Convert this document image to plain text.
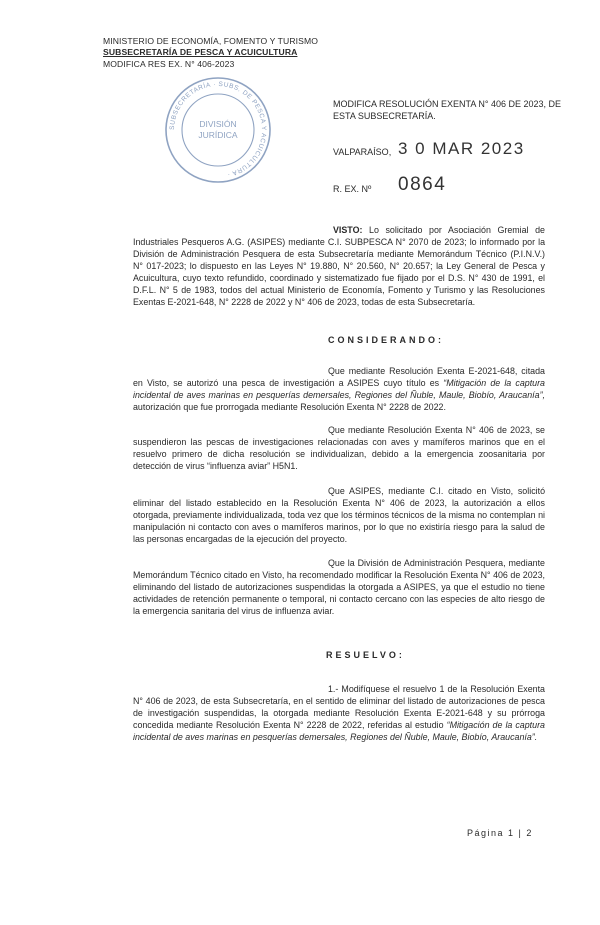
MINISTERIO DE ECONOMÍA, FOMENTO Y TURISMO
SUBSECRETARÍA DE PESCA Y ACUICULTURA
MODIFICA RES EX. N° 406-2023
SUBSECRETARÍA · SUBS. DE PESCA Y ACUICULTURA ·
DIVISIÓN
JURÍDICA
MODIFICA RESOLUCIÓN EXENTA N° 406 DE 2023, DE ESTA SUBSECRETARÍA.
VALPARAÍSO, 3 0 MAR 2023
R. EX. Nº 0864
VISTO: Lo solicitado por Asociación Gremial de Industriales Pesqueros A.G. (ASIPES) mediante C.I. SUBPESCA N° 2070 de 2023; lo informado por la División de Administración Pesquera de esta Subsecretaría mediante Memorándum Técnico (P.I.N.V.) N° 017-2023; lo dispuesto en las Leyes N° 19.880, N° 20.560, N° 20.657; la Ley General de Pesca y Acuicultura, cuyo texto refundido, coordinado y sistematizado fue fijado por el D.S. N° 430 de 1991, el D.F.L. N° 5 de 1983, todos del actual Ministerio de Economía, Fomento y Turismo y las Resoluciones Exentas E-2021-648, N° 2228 de 2022 y N° 406 de 2023, todas de esta Subsecretaría.
CONSIDERANDO:
Que mediante Resolución Exenta E-2021-648, citada en Visto, se autorizó una pesca de investigación a ASIPES cuyo título es “Mitigación de la captura incidental de aves marinas en pesquerías demersales, Regiones del Ñuble, Maule, Biobío, Araucanía”, autorización que fue prorrogada mediante Resolución Exenta N° 2228 de 2022.
Que mediante Resolución Exenta N° 406 de 2023, se suspendieron las pescas de investigaciones relacionadas con aves y mamíferos marinos que en el resuelvo primero de dicha resolución se individualizan, debido a la emergencia zoosanitaria por detección de virus “influenza aviar” H5N1.
Que ASIPES, mediante C.I. citado en Visto, solicitó eliminar del listado establecido en la Resolución Exenta N° 406 de 2023, la autorización a ellos otorgada, previamente individualizada, toda vez que los términos técnicos de la misma no contemplan ni manipulación ni contacto con aves o mamíferos marinos, por lo que no existiría riesgo para la salud de las personas encargadas de la ejecución del proyecto.
Que la División de Administración Pesquera, mediante Memorándum Técnico citado en Visto, ha recomendado modificar la Resolución Exenta N° 406 de 2023, eliminando del listado de autorizaciones suspendidas la otorgada a ASIPES, ya que el estudio no tiene actividades de retención permanente o temporal, ni contacto cercano con las especies de alto riesgo de la emergencia sanitaria del virus de influenza aviar.
RESUELVO:
1.- Modifíquese el resuelvo 1 de la Resolución Exenta N° 406 de 2023, de esta Subsecretaría, en el sentido de eliminar del listado de autorizaciones de pesca de investigación suspendidas, la otorgada mediante Resolución Exenta E-2021-648 y su prórroga concedida mediante Resolución Exenta N° 2228 de 2022, referidas al estudio “Mitigación de la captura incidental de aves marinas en pesquerías demersales, Regiones del Ñuble, Maule, Biobío, Araucanía”.
Página 1 | 2
